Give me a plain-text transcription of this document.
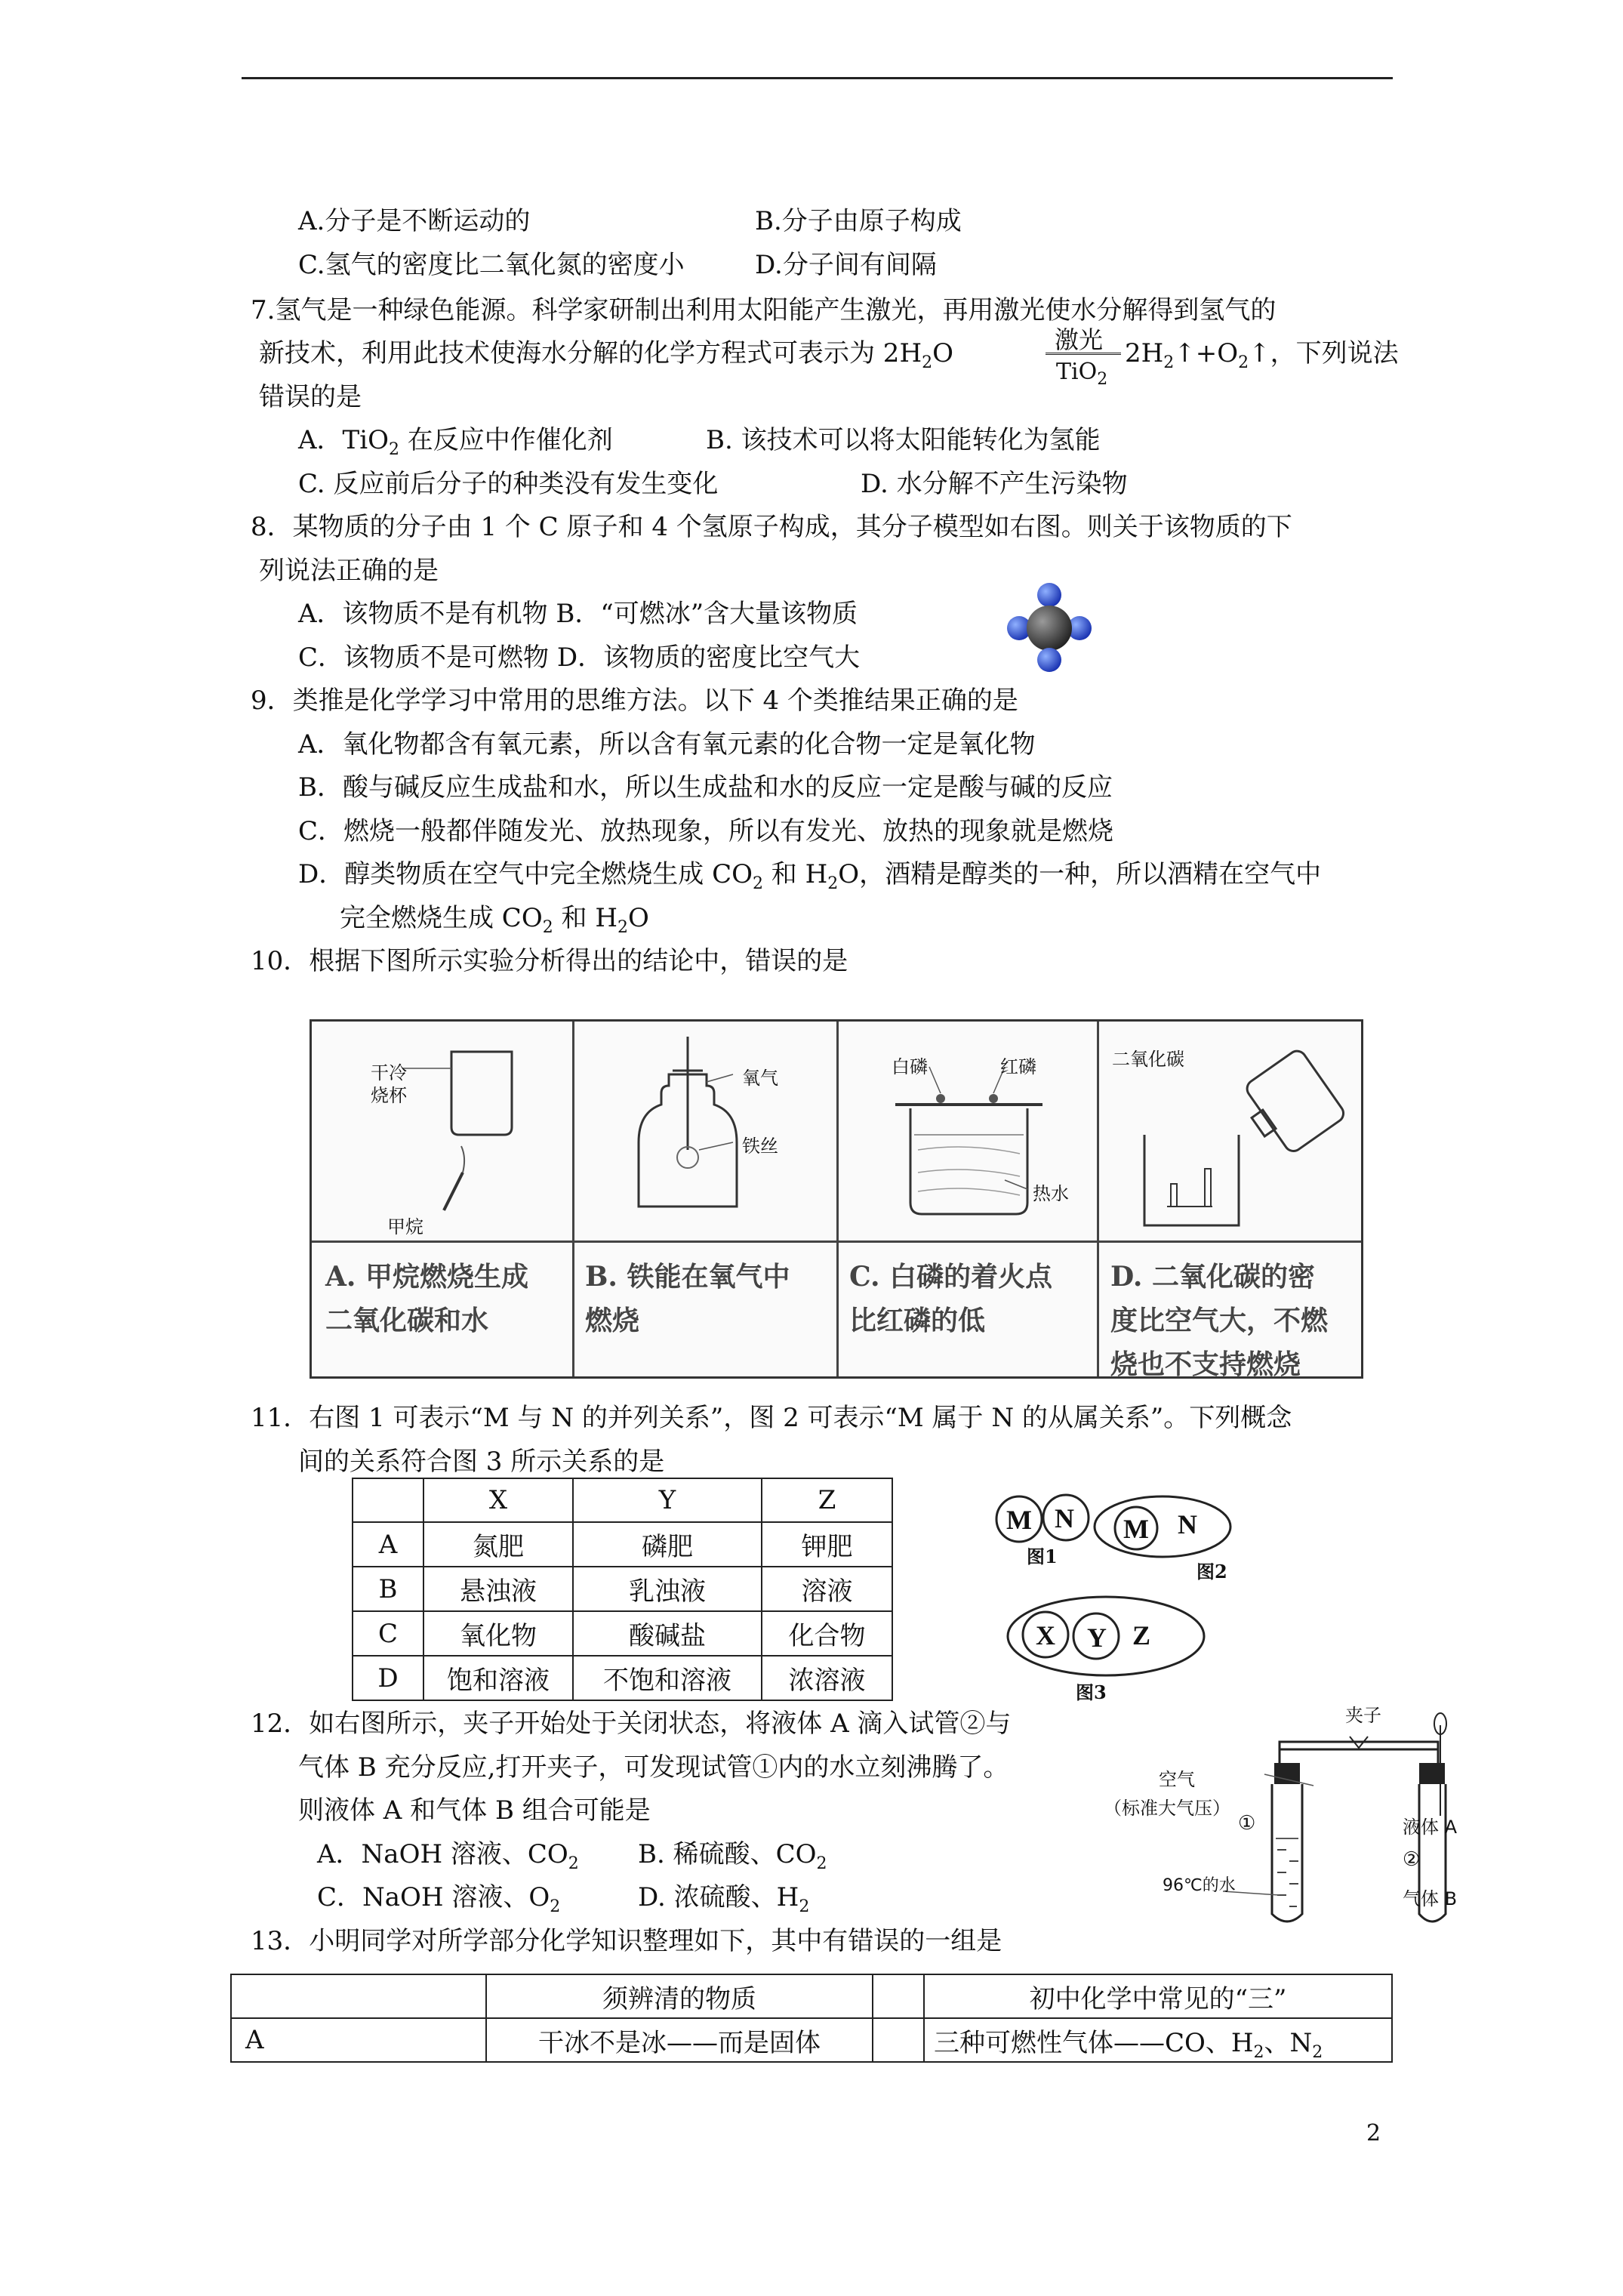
A.分子是不断运动的	B.分子由原子构成
C.氢气的密度比二氧化氮的密度小	D.分子间有间隔
7.氢气是一种绿色能源。科学家研制出利用太阳能产生激光，再用激光使水分解得到氢气的
新技术，利用此技术使海水分解的化学方程式可表示为 $2H_2O$	激光
TiO$_2$
$2H_2↑+O_2↑$，下列说法
错误的是
A．TiO$_2$ 在反应中作催化剂	B. 该技术可以将太阳能转化为氢能
C. 反应前后分子的种类没有发生变化	D. 水分解不产生污染物
8．某物质的分子由 1 个 C 原子和 4 个氢原子构成，其分子模型如右图。则关于该物质的下
列说法正确的是
A．该物质不是有机物 B．“可燃冰”含大量该物质
C．该物质不是可燃物 D．该物质的密度比空气大
9．类推是化学学习中常用的思维方法。以下 4 个类推结果正确的是
A．氧化物都含有氧元素，所以含有氧元素的化合物一定是氧化物
B．酸与碱反应生成盐和水，所以生成盐和水的反应一定是酸与碱的反应
C．燃烧一般都伴随发光、放热现象，所以有发光、放热的现象就是燃烧
D．醇类物质在空气中完全燃烧生成 $CO_2$ 和 $H_2O$，酒精是醇类的一种，所以酒精在空气中
完全燃烧生成 $CO_2$ 和 $H_2O$
10．根据下图所示实验分析得出的结论中，错误的是
干冷
烧杯
甲烷
A. 甲烷燃烧生成
二氧化碳和水
氧气
铁丝
B. 铁能在氧气中
燃烧
白磷	红磷
热水
C. 白磷的着火点
比红磷的低
二氧化碳
D. 二氧化碳的密
度比空气大，不燃
烧也不支持燃烧
11．右图 1 可表示“M 与 N 的并列关系”，图 2 可表示“M 属于 N 的从属关系”。下列概念
间的关系符合图 3 所示关系的是
	X	Y	Z
A	氮肥	磷肥	钾肥
B	悬浊液	乳浊液	溶液
C	氧化物	酸碱盐	化合物
D	饱和溶液	不饱和溶液	浓溶液
M N
图1
M N
图2
X Y Z
图3
12．如右图所示，夹子开始处于关闭状态，将液体 A 滴入试管②与
气体 B 充分反应,打开夹子，可发现试管①内的水立刻沸腾了。
则液体 A 和气体 B 组合可能是
A．NaOH 溶液、$CO_2$ B. 稀硫酸、$CO_2$
C．NaOH 溶液、$O_2$	D. 浓硫酸、$H_2$
夹子
空气
（标准大气压）
①
96℃的水
液体 A
②
气体 B
13．小明同学对所学部分化学知识整理如下，其中有错误的一组是
	须辨清的物质		初中化学中常见的“三”
A	干冰不是冰——而是固体		三种可燃性气体——CO、$H_2$、$N_2$
2
